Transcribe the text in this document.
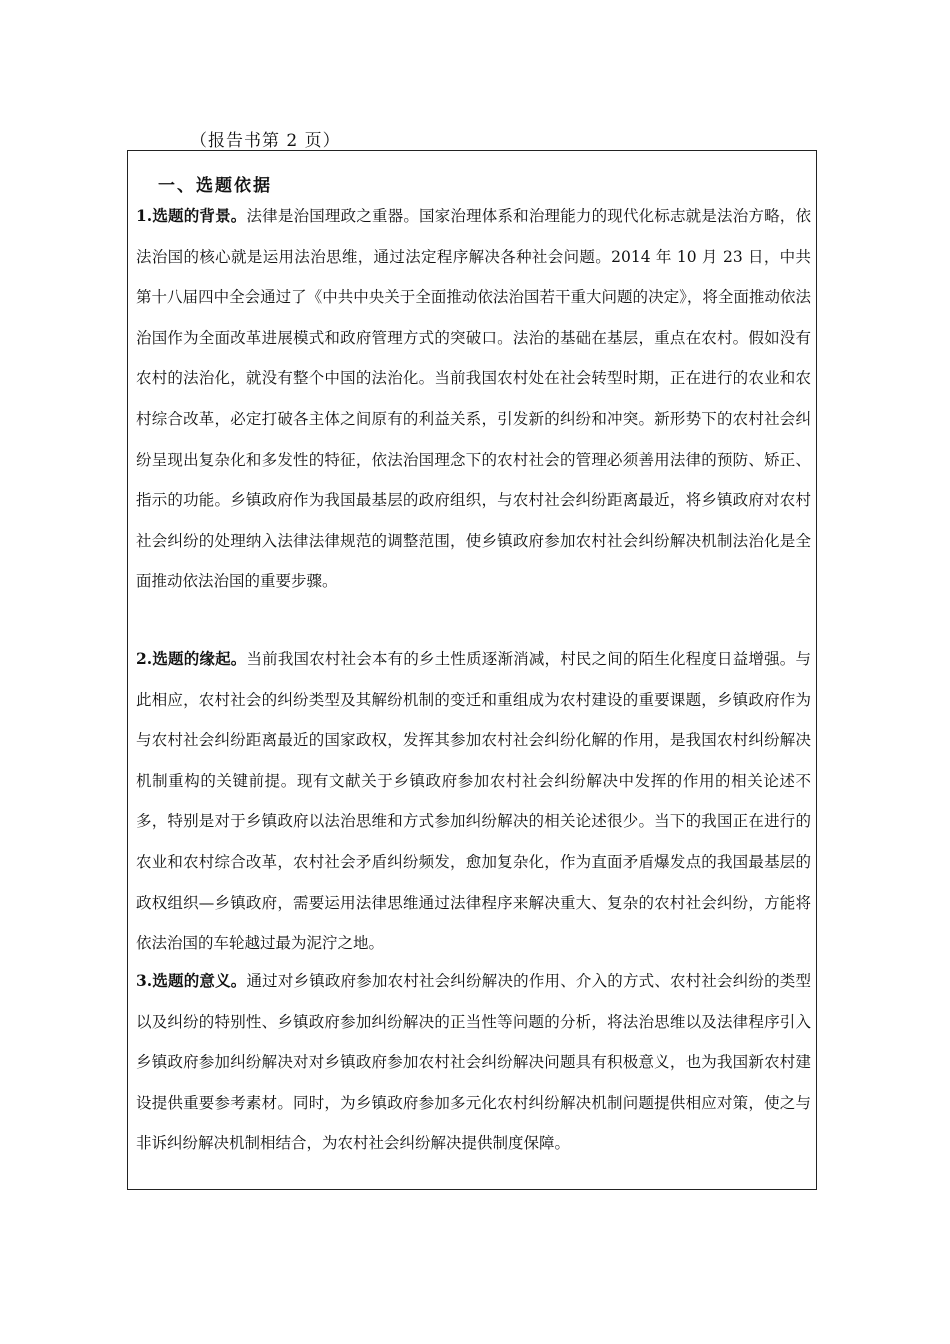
（报告书第 2 页）

一、选题依据

1.选题的背景。法律是治国理政之重器。国家治理体系和治理能力的现代化标志就是法治方略，依法治国的核心就是运用法治思维，通过法定程序解决各种社会问题。2014 年 10 月 23 日，中共第十八届四中全会通过了《中共中央关于全面推动依法治国若干重大问题的决定》，将全面推动依法治国作为全面改革进展模式和政府管理方式的突破口。法治的基础在基层，重点在农村。假如没有农村的法治化，就没有整个中国的法治化。当前我国农村处在社会转型时期，正在进行的农业和农村综合改革，必定打破各主体之间原有的利益关系，引发新的纠纷和冲突。新形势下的农村社会纠纷呈现出复杂化和多发性的特征，依法治国理念下的农村社会的管理必须善用法律的预防、矫正、指示的功能。乡镇政府作为我国最基层的政府组织，与农村社会纠纷距离最近，将乡镇政府对农村社会纠纷的处理纳入法律法律规范的调整范围，使乡镇政府参加农村社会纠纷解决机制法治化是全面推动依法治国的重要步骤。

2.选题的缘起。当前我国农村社会本有的乡土性质逐渐消减，村民之间的陌生化程度日益增强。与此相应，农村社会的纠纷类型及其解纷机制的变迁和重组成为农村建设的重要课题，乡镇政府作为与农村社会纠纷距离最近的国家政权，发挥其参加农村社会纠纷化解的作用，是我国农村纠纷解决机制重构的关键前提。现有文献关于乡镇政府参加农村社会纠纷解决中发挥的作用的相关论述不多，特别是对于乡镇政府以法治思维和方式参加纠纷解决的相关论述很少。当下的我国正在进行的农业和农村综合改革，农村社会矛盾纠纷频发，愈加复杂化，作为直面矛盾爆发点的我国最基层的政权组织—乡镇政府，需要运用法律思维通过法律程序来解决重大、复杂的农村社会纠纷，方能将依法治国的车轮越过最为泥泞之地。

3.选题的意义。通过对乡镇政府参加农村社会纠纷解决的作用、介入的方式、农村社会纠纷的类型以及纠纷的特别性、乡镇政府参加纠纷解决的正当性等问题的分析，将法治思维以及法律程序引入乡镇政府参加纠纷解决对对乡镇政府参加农村社会纠纷解决问题具有积极意义，也为我国新农村建设提供重要参考素材。同时，为乡镇政府参加多元化农村纠纷解决机制问题提供相应对策，使之与非诉纠纷解决机制相结合，为农村社会纠纷解决提供制度保障。
